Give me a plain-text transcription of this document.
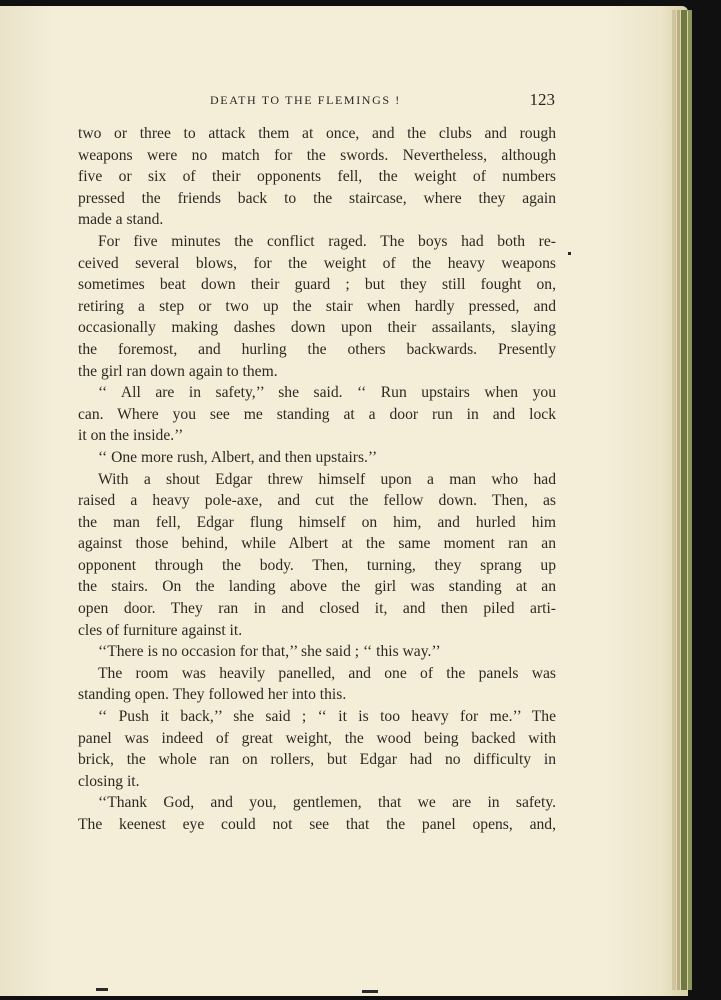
DEATH TO THE FLEMINGS !	123
two or three to attack them at once, and the clubs and rough
weapons were no match for the swords. Nevertheless, although
five or six of their opponents fell, the weight of numbers
pressed the friends back to the staircase, where they again
made a stand.
For five minutes the conflict raged. The boys had both re-
ceived several blows, for the weight of the heavy weapons
sometimes beat down their guard ; but they still fought on,
retiring a step or two up the stair when hardly pressed, and
occasionally making dashes down upon their assailants, slaying
the foremost, and hurling the others backwards. Presently
the girl ran down again to them.
‘‘ All are in safety,’’ she said. ‘‘ Run upstairs when you
can. Where you see me standing at a door run in and lock
it on the inside.’’
‘‘ One more rush, Albert, and then upstairs.’’
With a shout Edgar threw himself upon a man who had
raised a heavy pole-axe, and cut the fellow down. Then, as
the man fell, Edgar flung himself on him, and hurled him
against those behind, while Albert at the same moment ran an
opponent through the body. Then, turning, they sprang up
the stairs. On the landing above the girl was standing at an
open door. They ran in and closed it, and then piled arti-
cles of furniture against it.
‘‘There is no occasion for that,’’ she said ; ‘‘ this way.’’
The room was heavily panelled, and one of the panels was
standing open. They followed her into this.
‘‘ Push it back,’’ she said ; ‘‘ it is too heavy for me.’’ The
panel was indeed of great weight, the wood being backed with
brick, the whole ran on rollers, but Edgar had no difficulty in
closing it.
‘‘Thank God, and you, gentlemen, that we are in safety.
The keenest eye could not see that the panel opens, and,
